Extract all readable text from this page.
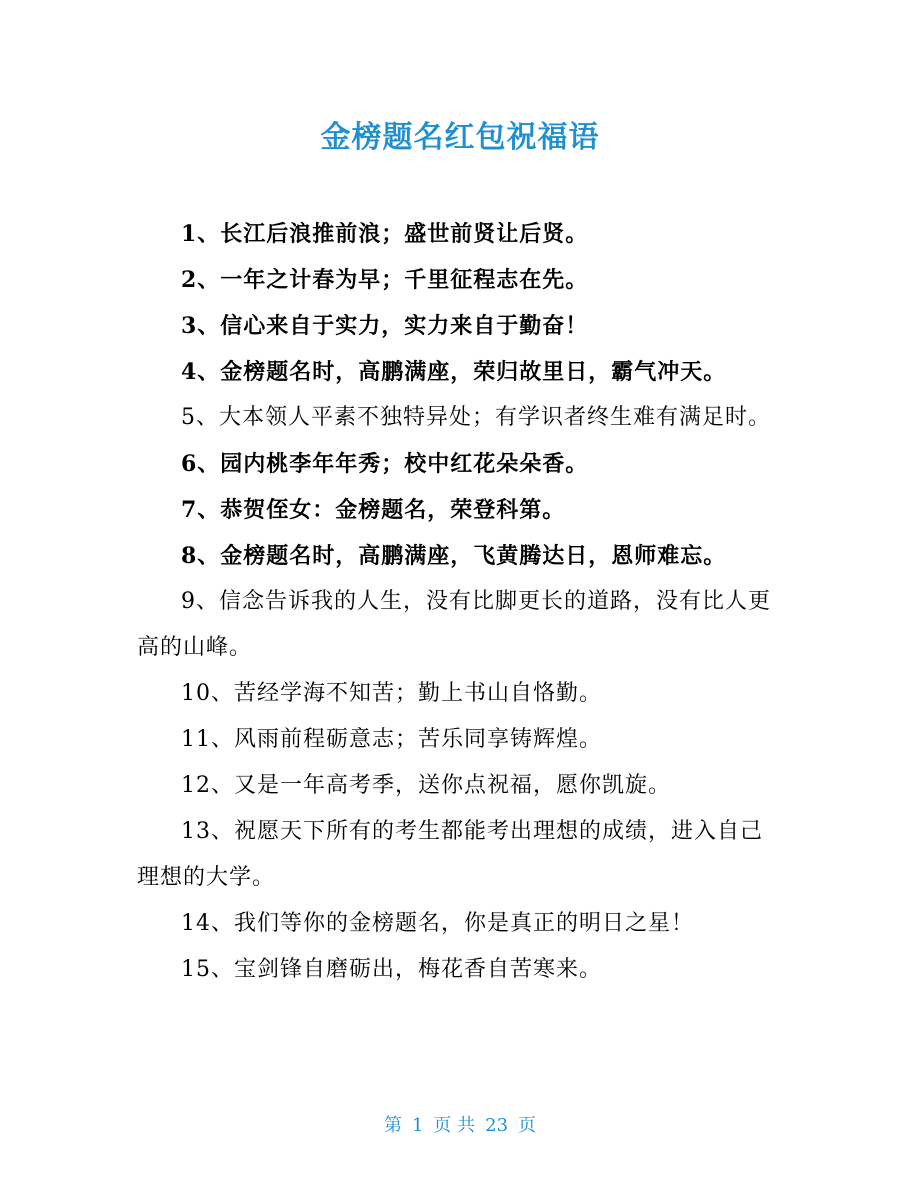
金榜题名红包祝福语

1、长江后浪推前浪；盛世前贤让后贤。

2、一年之计春为早；千里征程志在先。

3、信心来自于实力，实力来自于勤奋！

4、金榜题名时，高鹏满座，荣归故里日，霸气冲天。

5、大本领人平素不独特异处；有学识者终生难有满足时。

6、园内桃李年年秀；校中红花朵朵香。

7、恭贺侄女：金榜题名，荣登科第。

8、金榜题名时，高鹏满座，飞黄腾达日，恩师难忘。

9、信念告诉我的人生，没有比脚更长的道路，没有比人更高的山峰。

10、苦经学海不知苦；勤上书山自恪勤。

11、风雨前程砺意志；苦乐同享铸辉煌。

12、又是一年高考季，送你点祝福，愿你凯旋。

13、祝愿天下所有的考生都能考出理想的成绩，进入自己理想的大学。

14、我们等你的金榜题名，你是真正的明日之星！

15、宝剑锋自磨砺出，梅花香自苦寒来。

第 1 页 共 23 页
